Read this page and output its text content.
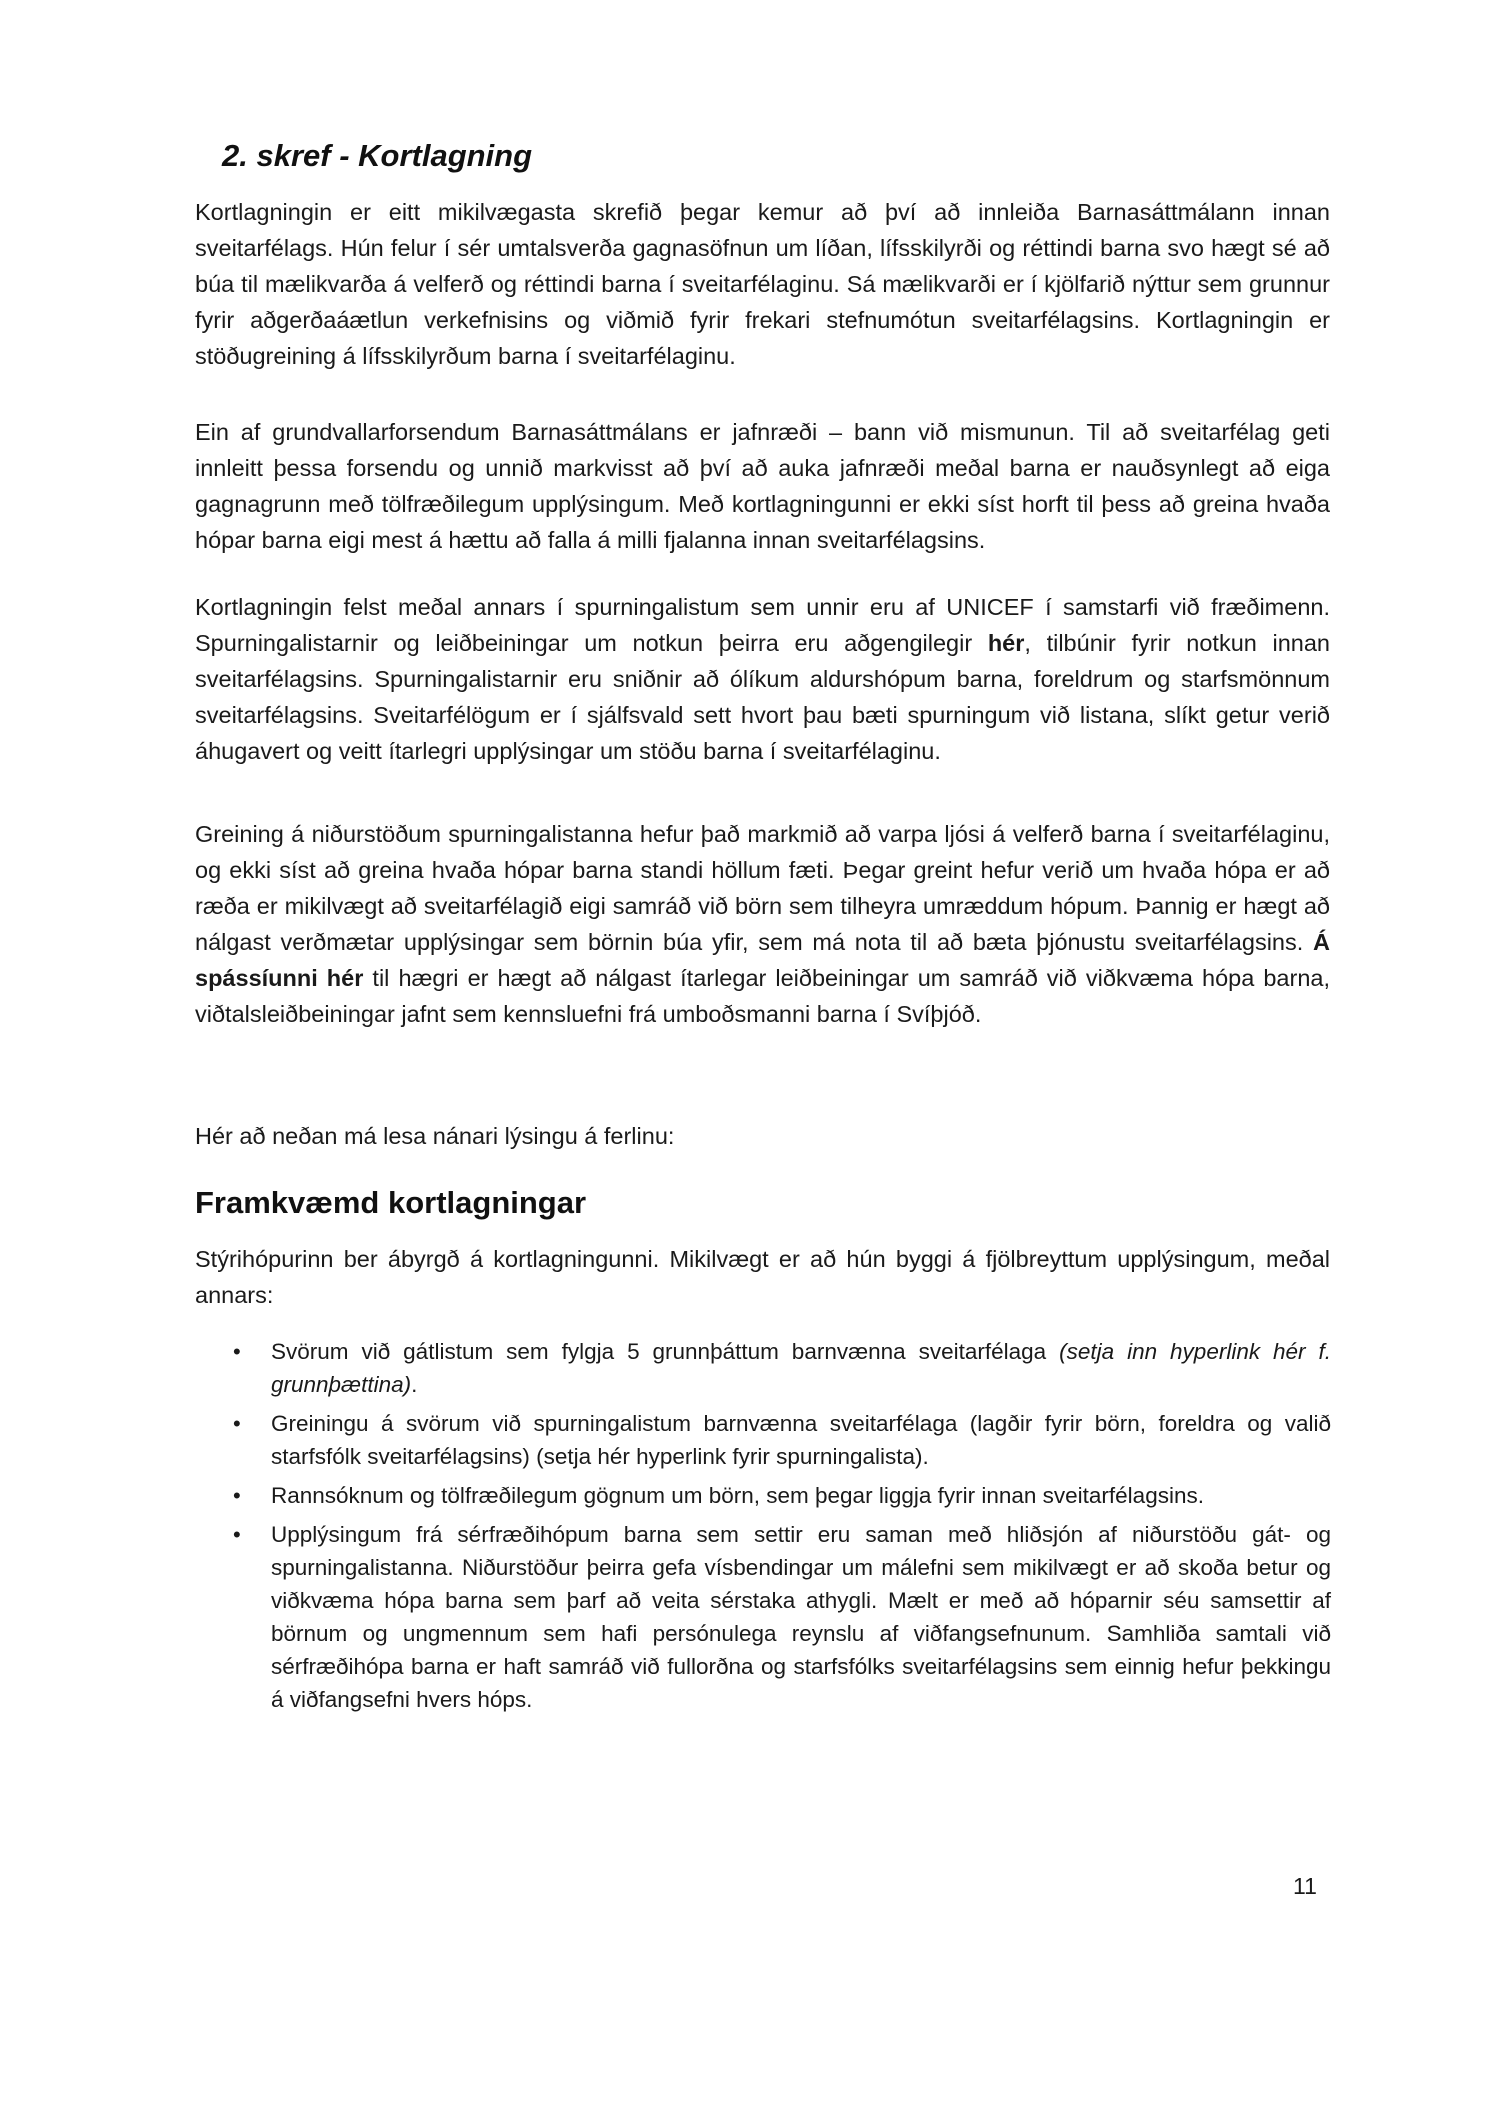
2. skref - Kortlagning

Kortlagningin er eitt mikilvægasta skrefið þegar kemur að því að innleiða Barnasáttmálann innan sveitarfélags. Hún felur í sér umtalsverða gagnasöfnun um líðan, lífsskilyrði og réttindi barna svo hægt sé að búa til mælikvarða á velferð og réttindi barna í sveitarfélaginu. Sá mælikvarði er í kjölfarið nýttur sem grunnur fyrir aðgerðaáætlun verkefnisins og viðmið fyrir frekari stefnumótun sveitarfélagsins. Kortlagningin er stöðugreining á lífsskilyrðum barna í sveitarfélaginu.

Ein af grundvallarforsendum Barnasáttmálans er jafnræði – bann við mismunun. Til að sveitarfélag geti innleitt þessa forsendu og unnið markvisst að því að auka jafnræði meðal barna er nauðsynlegt að eiga gagnagrunn með tölfræðilegum upplýsingum. Með kortlagningunni er ekki síst horft til þess að greina hvaða hópar barna eigi mest á hættu að falla á milli fjalanna innan sveitarfélagsins.

Kortlagningin felst meðal annars í spurningalistum sem unnir eru af UNICEF í samstarfi við fræðimenn. Spurningalistarnir og leiðbeiningar um notkun þeirra eru aðgengilegir hér, tilbúnir fyrir notkun innan sveitarfélagsins. Spurningalistarnir eru sniðnir að ólíkum aldurshópum barna, foreldrum og starfsmönnum sveitarfélagsins. Sveitarfélögum er í sjálfsvald sett hvort þau bæti spurningum við listana, slíkt getur verið áhugavert og veitt ítarlegri upplýsingar um stöðu barna í sveitarfélaginu.

Greining á niðurstöðum spurningalistanna hefur það markmið að varpa ljósi á velferð barna í sveitarfélaginu, og ekki síst að greina hvaða hópar barna standi höllum fæti. Þegar greint hefur verið um hvaða hópa er að ræða er mikilvægt að sveitarfélagið eigi samráð við börn sem tilheyra umræddum hópum. Þannig er hægt að nálgast verðmætar upplýsingar sem börnin búa yfir, sem má nota til að bæta þjónustu sveitarfélagsins. Á spássíunni hér til hægri er hægt að nálgast ítarlegar leiðbeiningar um samráð við viðkvæma hópa barna, viðtalsleiðbeiningar jafnt sem kennsluefni frá umboðsmanni barna í Svíþjóð.

Hér að neðan má lesa nánari lýsingu á ferlinu:

Framkvæmd kortlagningar

Stýrihópurinn ber ábyrgð á kortlagningunni. Mikilvægt er að hún byggi á fjölbreyttum upplýsingum, meðal annars:

• Svörum við gátlistum sem fylgja 5 grunnþáttum barnvænna sveitarfélaga (setja inn hyperlink hér f. grunnþættina).
• Greiningu á svörum við spurningalistum barnvænna sveitarfélaga (lagðir fyrir börn, foreldra og valið starfsfólk sveitarfélagsins) (setja hér hyperlink fyrir spurningalista).
• Rannsóknum og tölfræðilegum gögnum um börn, sem þegar liggja fyrir innan sveitarfélagsins.
• Upplýsingum frá sérfræðihópum barna sem settir eru saman með hliðsjón af niðurstöðu gát- og spurningalistanna. Niðurstöður þeirra gefa vísbendingar um málefni sem mikilvægt er að skoða betur og viðkvæma hópa barna sem þarf að veita sérstaka athygli. Mælt er með að hóparnir séu samsettir af börnum og ungmennum sem hafi persónulega reynslu af viðfangsefnunum. Samhliða samtali við sérfræðihópa barna er haft samráð við fullorðna og starfsfólks sveitarfélagsins sem einnig hefur þekkingu á viðfangsefni hvers hóps.
11
